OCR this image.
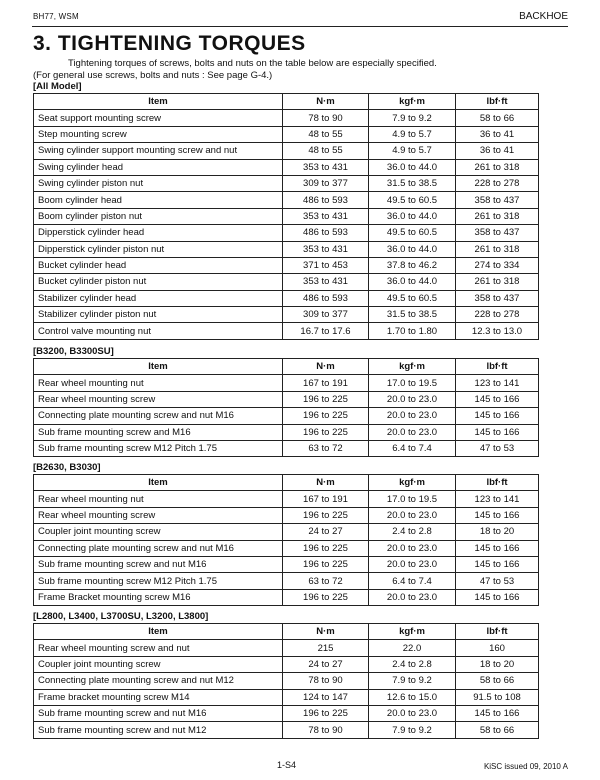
BH77, WSM	BACKHOE
3. TIGHTENING TORQUES
Tightening torques of screws, bolts and nuts on the table below are especially specified.
(For general use screws, bolts and nuts : See page G-4.)
[All Model]
Item	N·m	kgf·m	lbf·ft
Seat support mounting screw	78 to 90	7.9 to 9.2	58 to 66
Step mounting screw	48 to 55	4.9 to 5.7	36 to 41
Swing cylinder support mounting screw and nut	48 to 55	4.9 to 5.7	36 to 41
Swing cylinder head	353 to 431	36.0 to 44.0	261 to 318
Swing cylinder piston nut	309 to 377	31.5 to 38.5	228 to 278
Boom cylinder head	486 to 593	49.5 to 60.5	358 to 437
Boom cylinder piston nut	353 to 431	36.0 to 44.0	261 to 318
Dipperstick cylinder head	486 to 593	49.5 to 60.5	358 to 437
Dipperstick cylinder piston nut	353 to 431	36.0 to 44.0	261 to 318
Bucket cylinder head	371 to 453	37.8 to 46.2	274 to 334
Bucket cylinder piston nut	353 to 431	36.0 to 44.0	261 to 318
Stabilizer cylinder head	486 to 593	49.5 to 60.5	358 to 437
Stabilizer cylinder piston nut	309 to 377	31.5 to 38.5	228 to 278
Control valve mounting nut	16.7 to 17.6	1.70 to 1.80	12.3 to 13.0
[B3200, B3300SU]
Item	N·m	kgf·m	lbf·ft
Rear wheel mounting nut	167 to 191	17.0 to 19.5	123 to 141
Rear wheel mounting screw	196 to 225	20.0 to 23.0	145 to 166
Connecting plate mounting screw and nut M16	196 to 225	20.0 to 23.0	145 to 166
Sub frame mounting screw and M16	196 to 225	20.0 to 23.0	145 to 166
Sub frame mounting screw M12 Pitch 1.75	63 to 72	6.4 to 7.4	47 to 53
[B2630, B3030]
Item	N·m	kgf·m	lbf·ft
Rear wheel mounting nut	167 to 191	17.0 to 19.5	123 to 141
Rear wheel mounting screw	196 to 225	20.0 to 23.0	145 to 166
Coupler joint mounting screw	24 to 27	2.4 to 2.8	18 to 20
Connecting plate mounting screw and nut M16	196 to 225	20.0 to 23.0	145 to 166
Sub frame mounting screw and nut M16	196 to 225	20.0 to 23.0	145 to 166
Sub frame mounting screw M12 Pitch 1.75	63 to 72	6.4 to 7.4	47 to 53
Frame Bracket mounting screw M16	196 to 225	20.0 to 23.0	145 to 166
[L2800, L3400, L3700SU, L3200, L3800]
Item	N·m	kgf·m	lbf·ft
Rear wheel mounting screw and nut	215	22.0	160
Coupler joint mounting screw	24 to 27	2.4 to 2.8	18 to 20
Connecting plate mounting screw and nut M12	78 to 90	7.9 to 9.2	58 to 66
Frame bracket mounting screw M14	124 to 147	12.6 to 15.0	91.5 to 108
Sub frame mounting screw and nut M16	196 to 225	20.0 to 23.0	145 to 166
Sub frame mounting screw and nut M12	78 to 90	7.9 to 9.2	58 to 66
1-S4	KiSC issued 09, 2010 A
